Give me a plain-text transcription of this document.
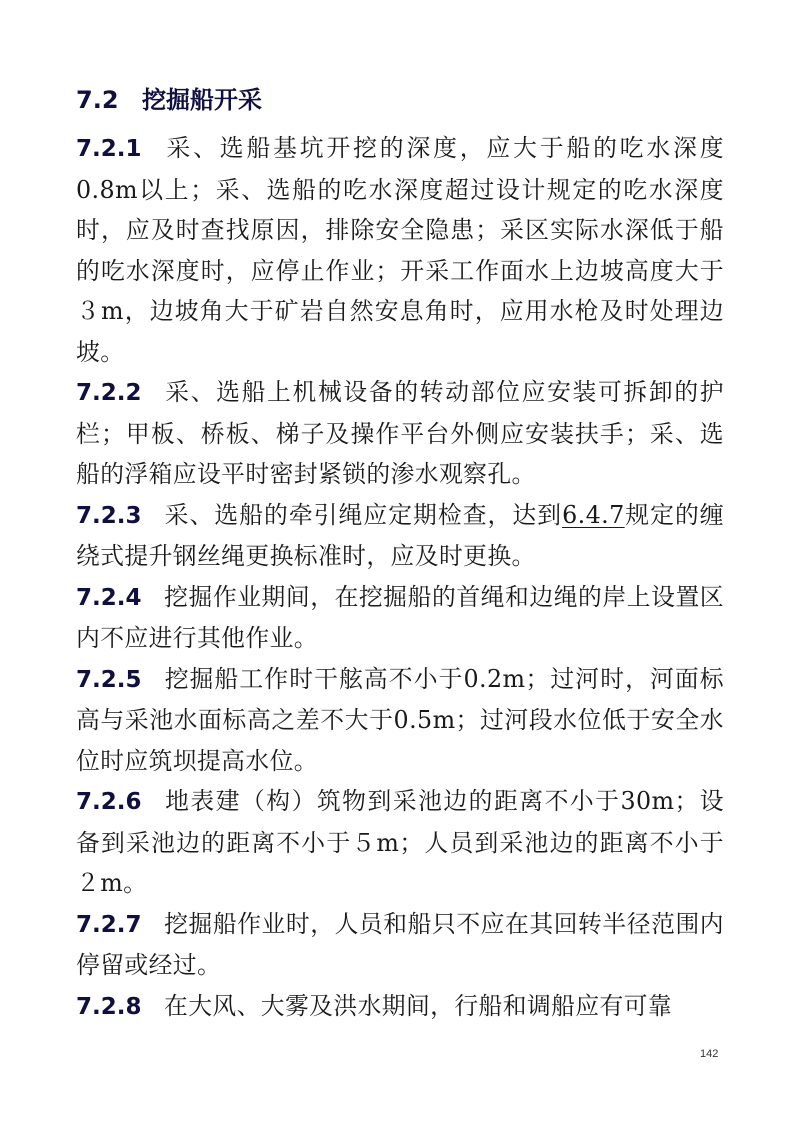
7.2 挖掘船开采

7.2.1 采、选船基坑开挖的深度，应大于船的吃水深度0.8m以上；采、选船的吃水深度超过设计规定的吃水深度时，应及时查找原因，排除安全隐患；采区实际水深低于船的吃水深度时，应停止作业；开采工作面水上边坡高度大于３m，边坡角大于矿岩自然安息角时，应用水枪及时处理边坡。

7.2.2 采、选船上机械设备的转动部位应安装可拆卸的护栏；甲板、桥板、梯子及操作平台外侧应安装扶手；采、选船的浮箱应设平时密封紧锁的渗水观察孔。

7.2.3 采、选船的牵引绳应定期检查，达到6.4.7规定的缠绕式提升钢丝绳更换标准时，应及时更换。

7.2.4 挖掘作业期间，在挖掘船的首绳和边绳的岸上设置区内不应进行其他作业。

7.2.5 挖掘船工作时干舷高不小于0.2m；过河时，河面标高与采池水面标高之差不大于0.5m；过河段水位低于安全水位时应筑坝提高水位。

7.2.6 地表建（构）筑物到采池边的距离不小于30m；设备到采池边的距离不小于５m；人员到采池边的距离不小于２m。

7.2.7 挖掘船作业时，人员和船只不应在其回转半径范围内停留或经过。

7.2.8 在大风、大雾及洪水期间，行船和调船应有可靠

142
